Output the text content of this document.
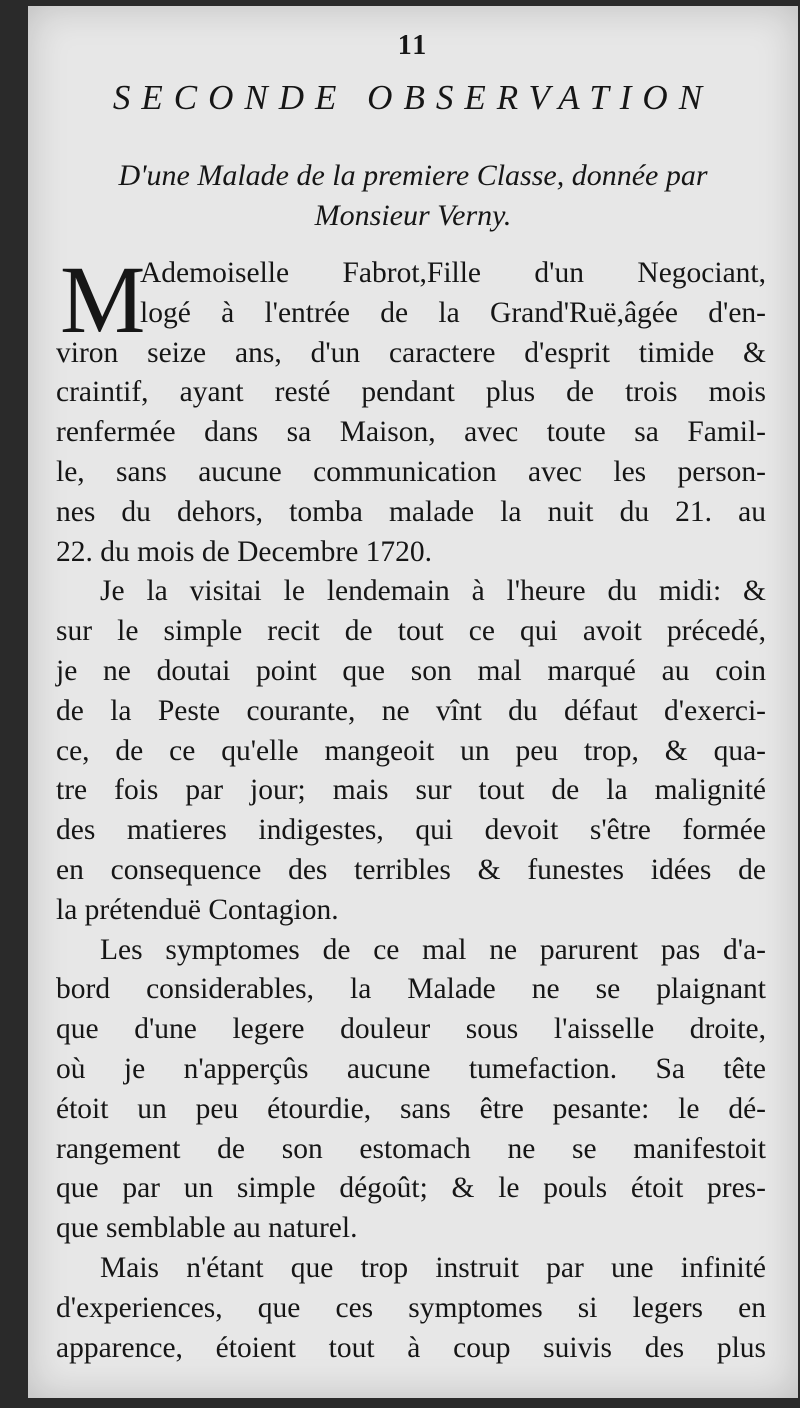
11
SECONDE OBSERVATION
D'une Malade de la premiere Classe, donnée par
Monsieur Verny.
M
Ademoiselle Fabrot,Fille d'un Negociant,
logé à l'entrée de la Grand'Ruë,âgée d'en-
viron seize ans, d'un caractere d'esprit timide &
craintif, ayant resté pendant plus de trois mois
renfermée dans sa Maison, avec toute sa Famil-
le, sans aucune communication avec les person-
nes du dehors, tomba malade la nuit du 21. au
22. du mois de Decembre 1720.
Je la visitai le lendemain à l'heure du midi: &
sur le simple recit de tout ce qui avoit précedé,
je ne doutai point que son mal marqué au coin
de la Peste courante, ne vînt du défaut d'exerci-
ce, de ce qu'elle mangeoit un peu trop, & qua-
tre fois par jour; mais sur tout de la malignité
des matieres indigestes, qui devoit s'être formée
en consequence des terribles & funestes idées de
la prétenduë Contagion.
Les symptomes de ce mal ne parurent pas d'a-
bord considerables, la Malade ne se plaignant
que d'une legere douleur sous l'aisselle droite,
où je n'apperçûs aucune tumefaction. Sa tête
étoit un peu étourdie, sans être pesante: le dé-
rangement de son estomach ne se manifestoit
que par un simple dégoût; & le pouls étoit pres-
que semblable au naturel.
Mais n'étant que trop instruit par une infinité
d'experiences, que ces symptomes si legers en
apparence, étoient tout à coup suivis des plus
